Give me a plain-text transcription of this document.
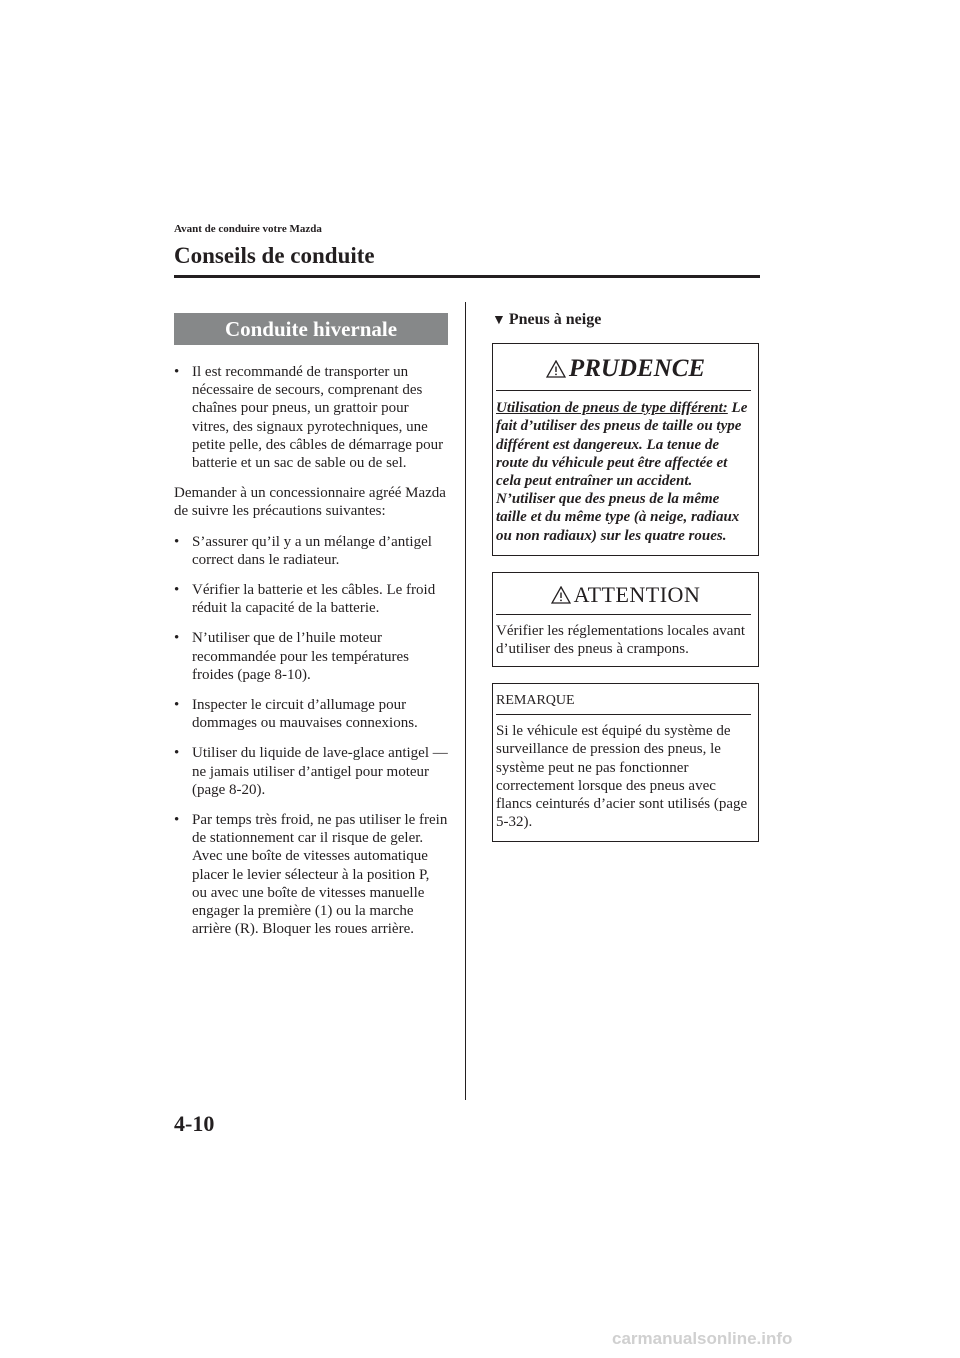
Avant de conduire votre Mazda
Conseils de conduite
Conduite hivernale
• Il est recommandé de transporter un nécessaire de secours, comprenant des chaînes pour pneus, un grattoir pour vitres, des signaux pyrotechniques, une petite pelle, des câbles de démarrage pour batterie et un sac de sable ou de sel.

Demander à un concessionnaire agréé Mazda de suivre les précautions suivantes:

• S’assurer qu’il y a un mélange d’antigel correct dans le radiateur.
• Vérifier la batterie et les câbles. Le froid réduit la capacité de la batterie.
• N’utiliser que de l’huile moteur recommandée pour les températures froides (page 8-10).
• Inspecter le circuit d’allumage pour dommages ou mauvaises connexions.
• Utiliser du liquide de lave-glace antigel — ne jamais utiliser d’antigel pour moteur (page 8-20).
• Par temps très froid, ne pas utiliser le frein de stationnement car il risque de geler. Avec une boîte de vitesses automatique placer le levier sélecteur à la position P, ou avec une boîte de vitesses manuelle engager la première (1) ou la marche arrière (R). Bloquer les roues arrière.
▼ Pneus à neige
PRUDENCE
Utilisation de pneus de type différent: Le fait d’utiliser des pneus de taille ou type différent est dangereux. La tenue de route du véhicule peut être affectée et cela peut entraîner un accident. N’utiliser que des pneus de la même taille et du même type (à neige, radiaux ou non radiaux) sur les quatre roues.
ATTENTION
Vérifier les réglementations locales avant d’utiliser des pneus à crampons.
REMARQUE
Si le véhicule est équipé du système de surveillance de pression des pneus, le système peut ne pas fonctionner correctement lorsque des pneus avec flancs ceinturés d’acier sont utilisés (page 5-32).
4-10
carmanualsonline.info
